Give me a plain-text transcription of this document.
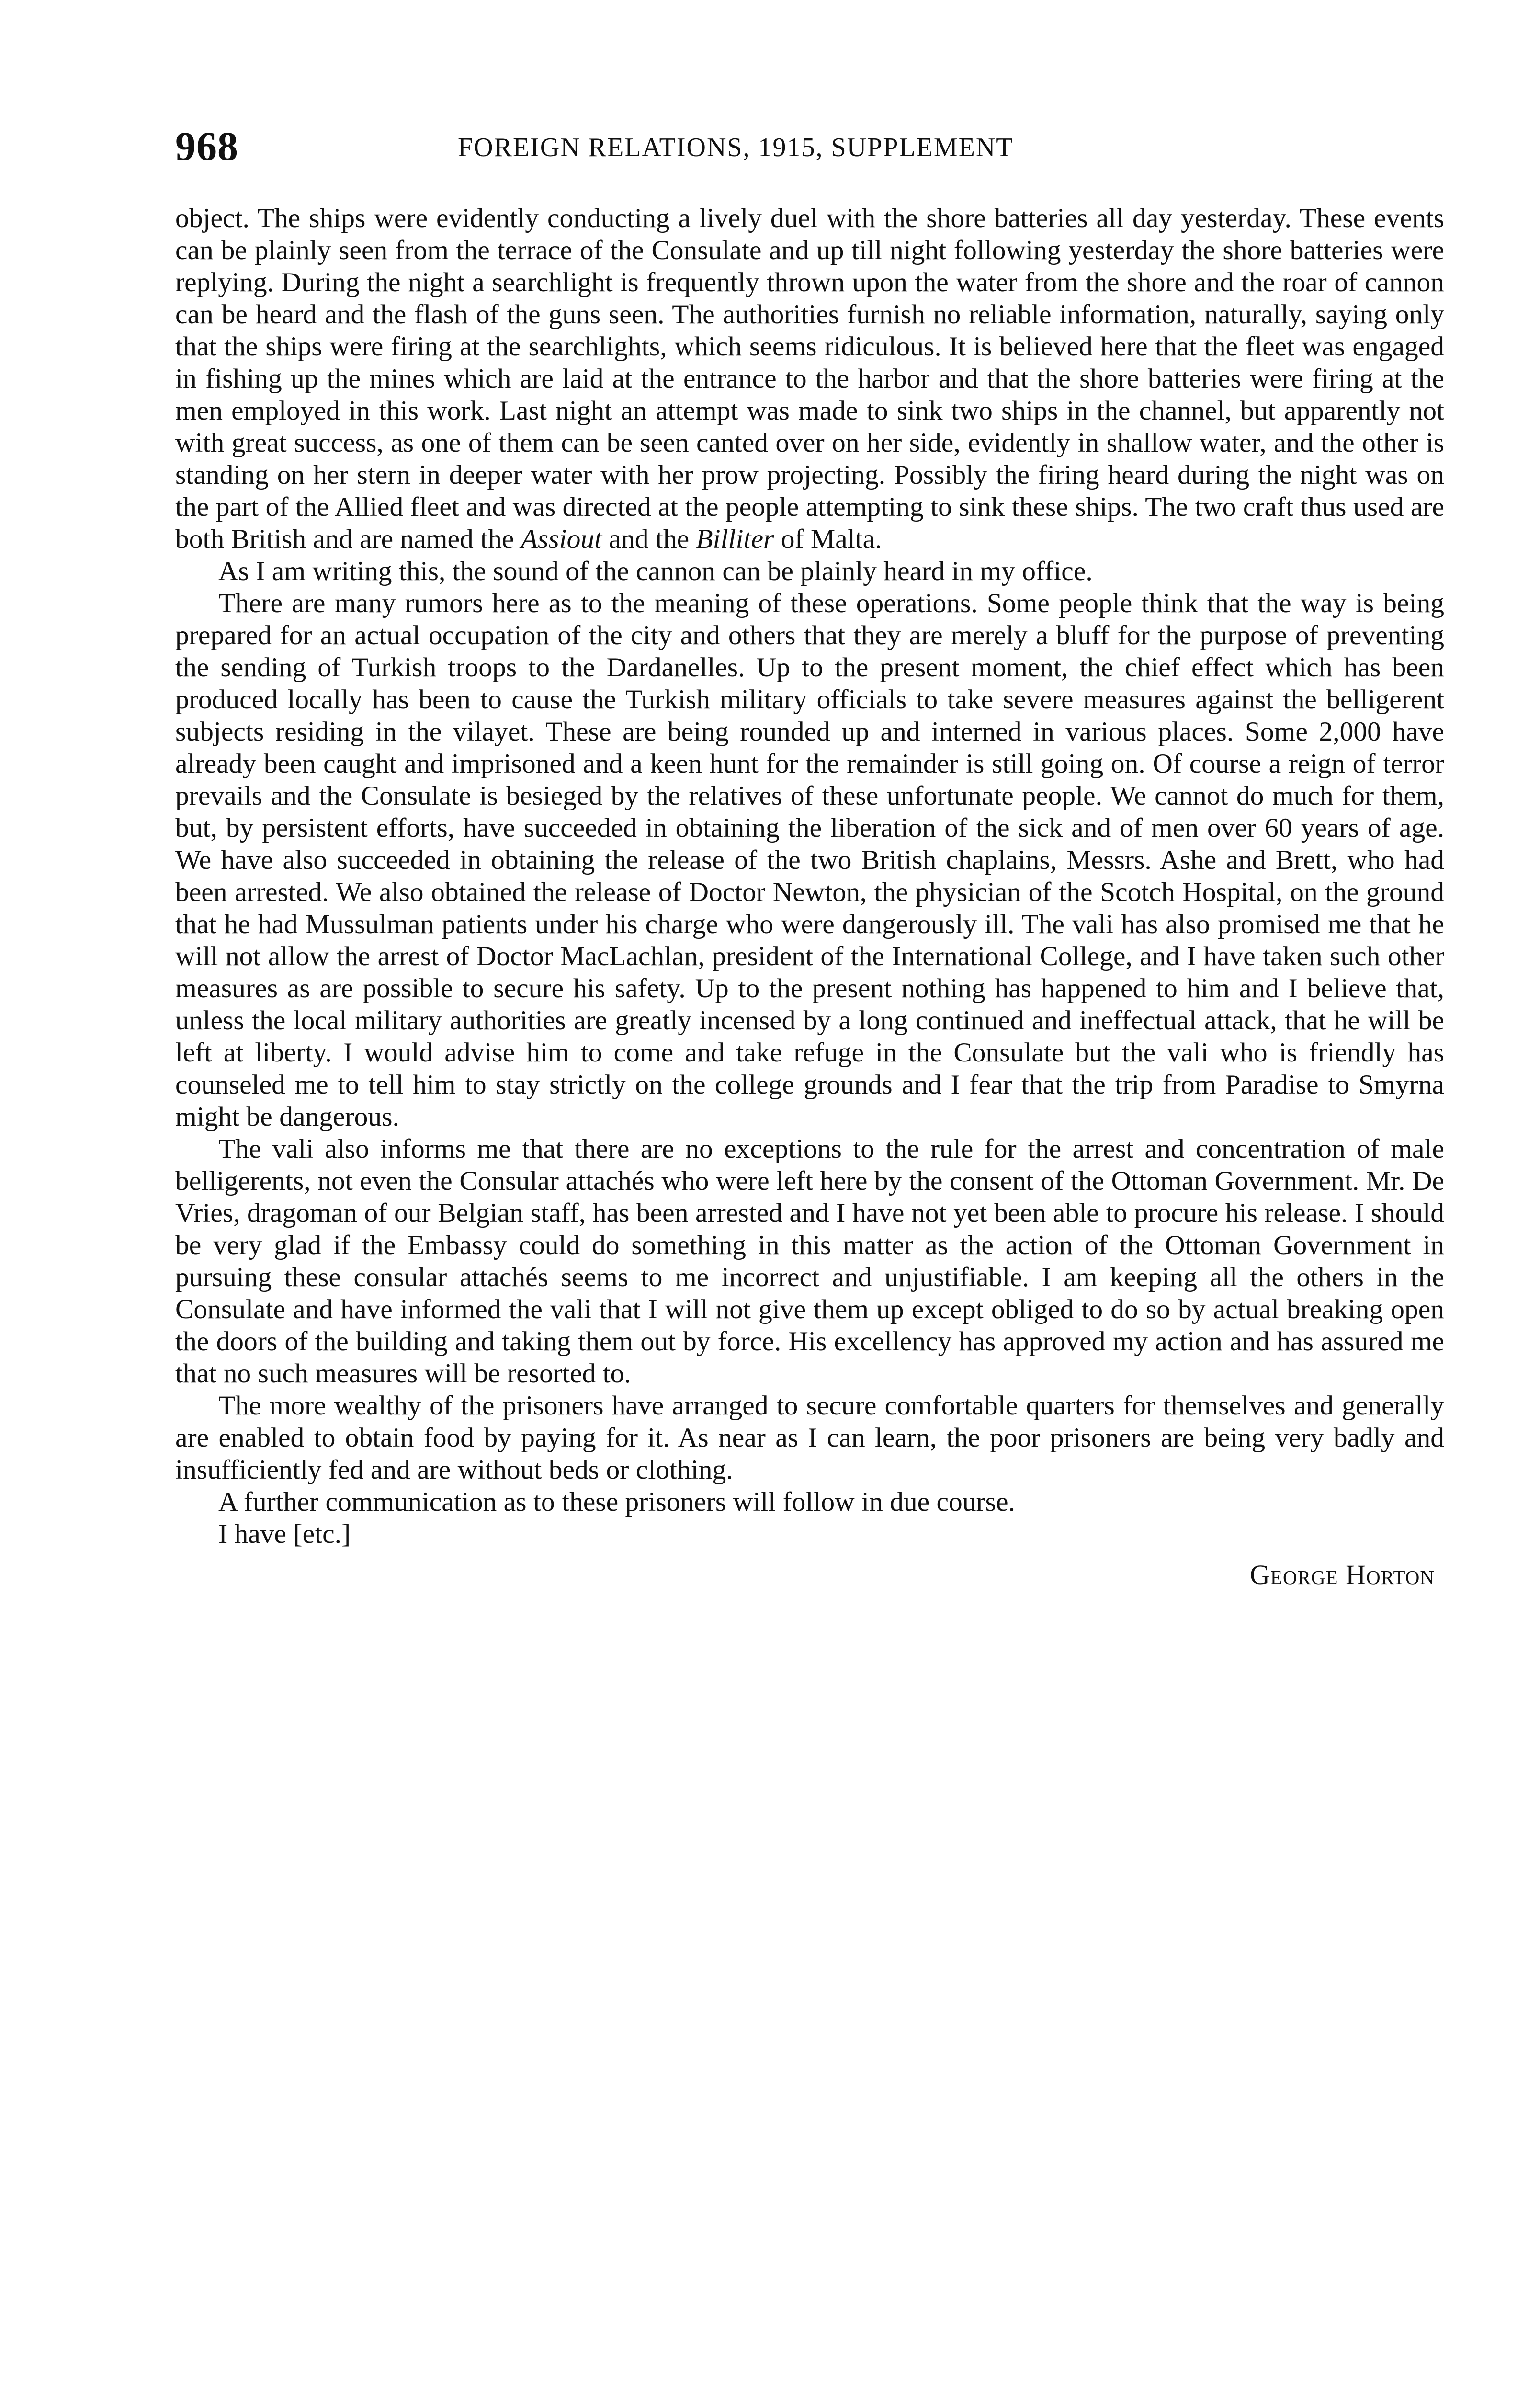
968	FOREIGN RELATIONS, 1915, SUPPLEMENT

object. The ships were evidently conducting a lively duel with the shore batteries all day yesterday. These events can be plainly seen from the terrace of the Consulate and up till night following yesterday the shore batteries were replying. During the night a searchlight is frequently thrown upon the water from the shore and the roar of cannon can be heard and the flash of the guns seen. The authorities furnish no reliable information, naturally, saying only that the ships were firing at the searchlights, which seems ridiculous. It is believed here that the fleet was engaged in fishing up the mines which are laid at the entrance to the harbor and that the shore batteries were firing at the men employed in this work. Last night an attempt was made to sink two ships in the channel, but apparently not with great success, as one of them can be seen canted over on her side, evidently in shallow water, and the other is standing on her stern in deeper water with her prow projecting. Possibly the firing heard during the night was on the part of the Allied fleet and was directed at the people attempting to sink these ships. The two craft thus used are both British and are named the Assiout and the Billiter of Malta.

As I am writing this, the sound of the cannon can be plainly heard in my office.

There are many rumors here as to the meaning of these operations. Some people think that the way is being prepared for an actual occupation of the city and others that they are merely a bluff for the purpose of preventing the sending of Turkish troops to the Dardanelles. Up to the present moment, the chief effect which has been produced locally has been to cause the Turkish military officials to take severe measures against the belligerent subjects residing in the vilayet. These are being rounded up and interned in various places. Some 2,000 have already been caught and imprisoned and a keen hunt for the remainder is still going on. Of course a reign of terror prevails and the Consulate is besieged by the relatives of these unfortunate people. We cannot do much for them, but, by persistent efforts, have succeeded in obtaining the liberation of the sick and of men over 60 years of age. We have also succeeded in obtaining the release of the two British chaplains, Messrs. Ashe and Brett, who had been arrested. We also obtained the release of Doctor Newton, the physician of the Scotch Hospital, on the ground that he had Mussulman patients under his charge who were dangerously ill. The vali has also promised me that he will not allow the arrest of Doctor MacLachlan, president of the International College, and I have taken such other measures as are possible to secure his safety. Up to the present nothing has happened to him and I believe that, unless the local military authorities are greatly incensed by a long continued and ineffectual attack, that he will be left at liberty. I would advise him to come and take refuge in the Consulate but the vali who is friendly has counseled me to tell him to stay strictly on the college grounds and I fear that the trip from Paradise to Smyrna might be dangerous.

The vali also informs me that there are no exceptions to the rule for the arrest and concentration of male belligerents, not even the Consular attachés who were left here by the consent of the Ottoman Government. Mr. De Vries, dragoman of our Belgian staff, has been arrested and I have not yet been able to procure his release. I should be very glad if the Embassy could do something in this matter as the action of the Ottoman Government in pursuing these consular attachés seems to me incorrect and unjustifiable. I am keeping all the others in the Consulate and have informed the vali that I will not give them up except obliged to do so by actual breaking open the doors of the building and taking them out by force. His excellency has approved my action and has assured me that no such measures will be resorted to.

The more wealthy of the prisoners have arranged to secure comfortable quarters for themselves and generally are enabled to obtain food by paying for it. As near as I can learn, the poor prisoners are being very badly and insufficiently fed and are without beds or clothing.

A further communication as to these prisoners will follow in due course.

I have [etc.]

George Horton
